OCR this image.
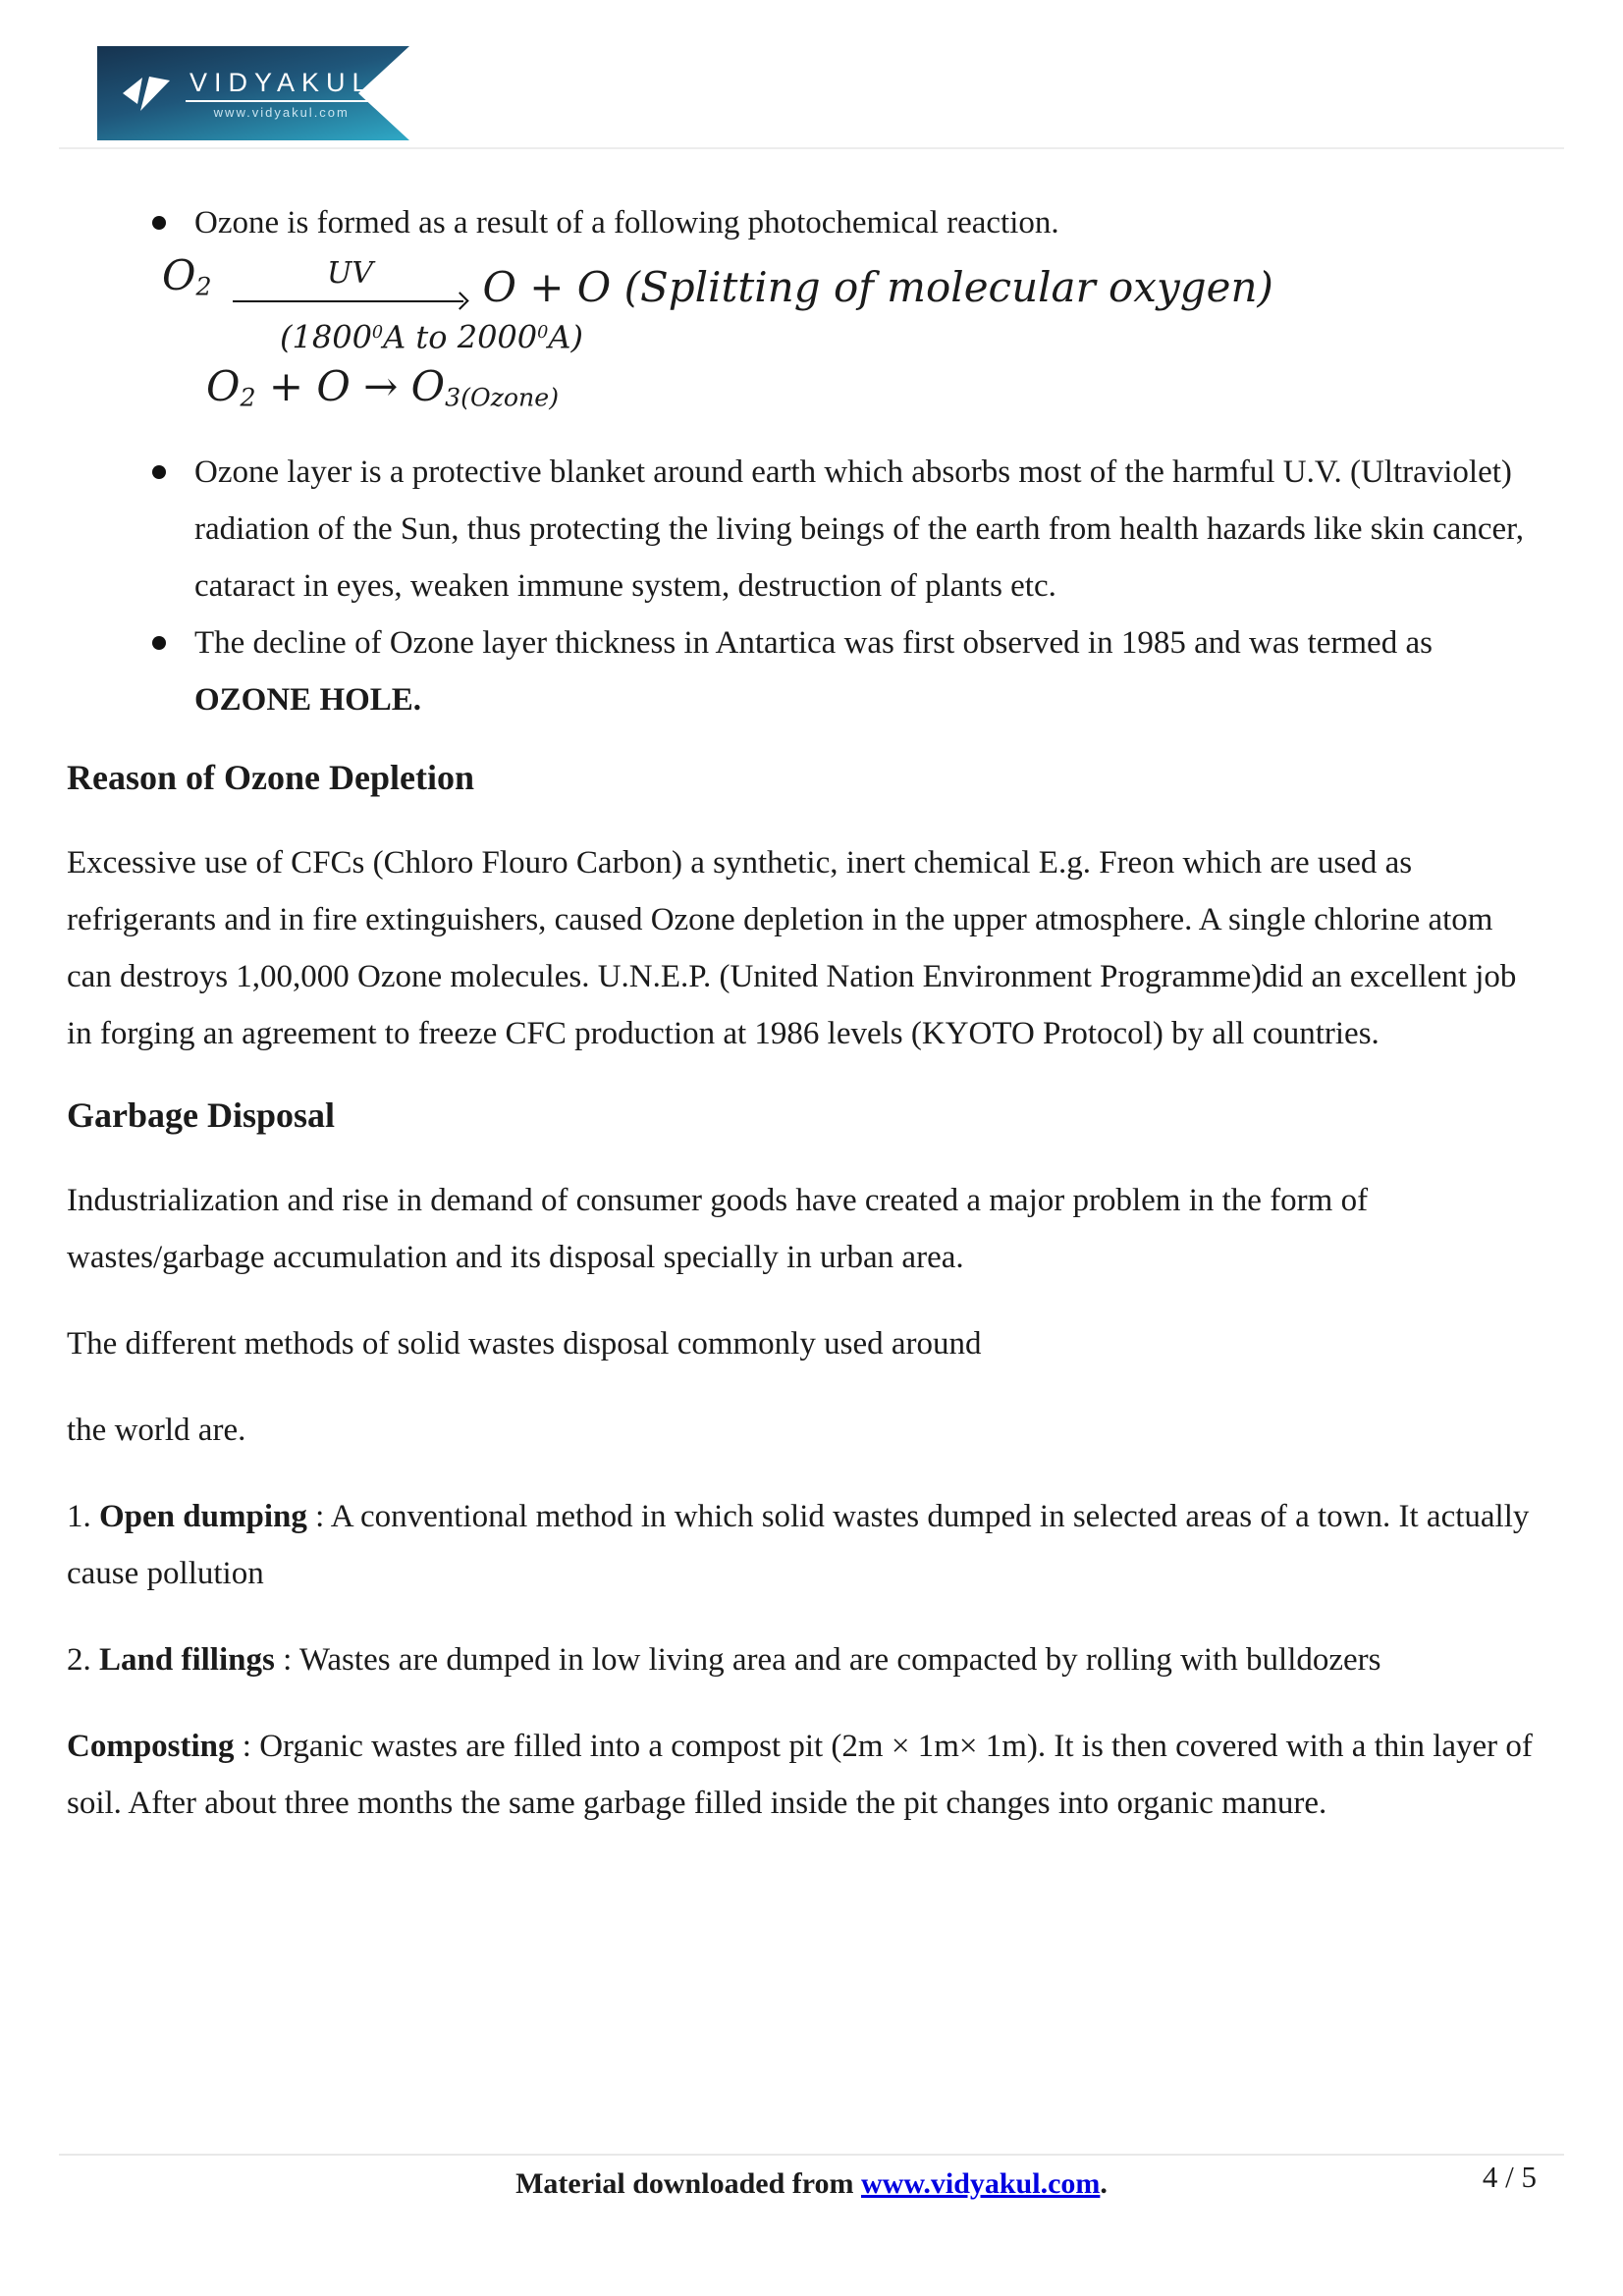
VIDYAKUL
www.vidyakul.com
Ozone is formed as a result of a following photochemical reaction.
$O_2$	UV	O + O (Splitting of molecular oxygen)
(1800$^0$A to 2000$^0$A)
$O_2 + O \to O_{3(Ozone)}$
Ozone layer is a protective blanket around earth which absorbs most of the harmful U.V. (Ultraviolet) radiation of the Sun, thus protecting the living beings of the earth from health hazards like skin cancer, cataract in eyes, weaken immune system, destruction of plants etc.
The decline of Ozone layer thickness in Antartica was first observed in 1985 and was termed as OZONE HOLE.
Reason of Ozone Depletion

Excessive use of CFCs (Chloro Flouro Carbon) a synthetic, inert chemical E.g. Freon which are used as refrigerants and in fire extinguishers, caused Ozone depletion in the upper atmosphere. A single chlorine atom can destroys 1,00,000 Ozone molecules. U.N.E.P. (United Nation Environment Programme)did an excellent job in forging an agreement to freeze CFC production at 1986 levels (KYOTO Protocol) by all countries.

Garbage Disposal

Industrialization and rise in demand of consumer goods have created a major problem in the form of wastes/garbage accumulation and its disposal specially in urban area.

The different methods of solid wastes disposal commonly used around

the world are.

1. Open dumping : A conventional method in which solid wastes dumped in selected areas of a town. It actually cause pollution

2. Land fillings : Wastes are dumped in low living area and are compacted by rolling with bulldozers

Composting : Organic wastes are filled into a compost pit (2m × 1m× 1m). It is then covered with a thin layer of soil. After about three months the same garbage filled inside the pit changes into organic manure.

Material downloaded from www.vidyakul.com.	4 / 5
